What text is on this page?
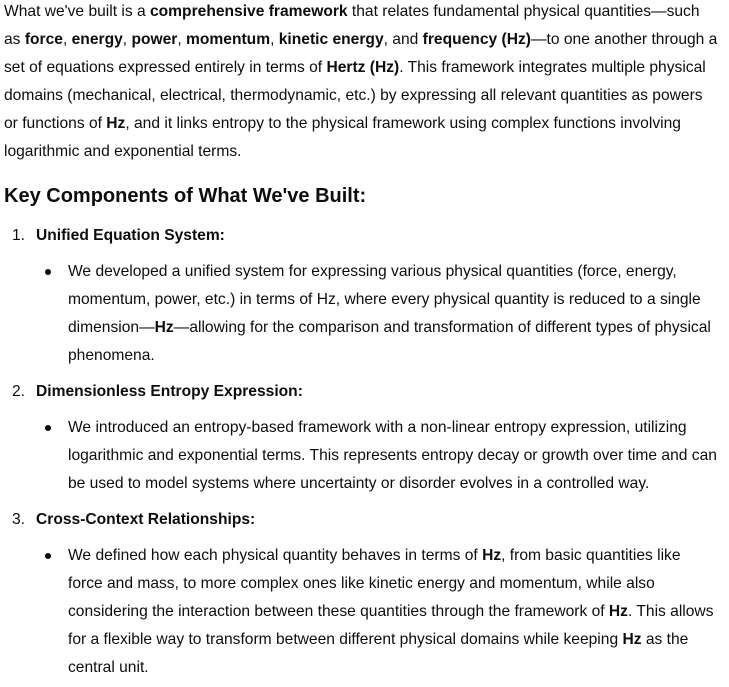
What we've built is a comprehensive framework that relates fundamental physical quantities—such as force, energy, power, momentum, kinetic energy, and frequency (Hz)—to one another through a set of equations expressed entirely in terms of Hertz (Hz). This framework integrates multiple physical domains (mechanical, electrical, thermodynamic, etc.) by expressing all relevant quantities as powers or functions of Hz, and it links entropy to the physical framework using complex functions involving logarithmic and exponential terms.

Key Components of What We've Built:
1. Unified Equation System:

We developed a unified system for expressing various physical quantities (force, energy, momentum, power, etc.) in terms of Hz, where every physical quantity is reduced to a single dimension—Hz—allowing for the comparison and transformation of different types of physical phenomena.

2. Dimensionless Entropy Expression:

We introduced an entropy-based framework with a non-linear entropy expression, utilizing logarithmic and exponential terms. This represents entropy decay or growth over time and can be used to model systems where uncertainty or disorder evolves in a controlled way.

3. Cross-Context Relationships:

We defined how each physical quantity behaves in terms of Hz, from basic quantities like force and mass, to more complex ones like kinetic energy and momentum, while also considering the interaction between these quantities through the framework of Hz. This allows for a flexible way to transform between different physical domains while keeping Hz as the central unit.
